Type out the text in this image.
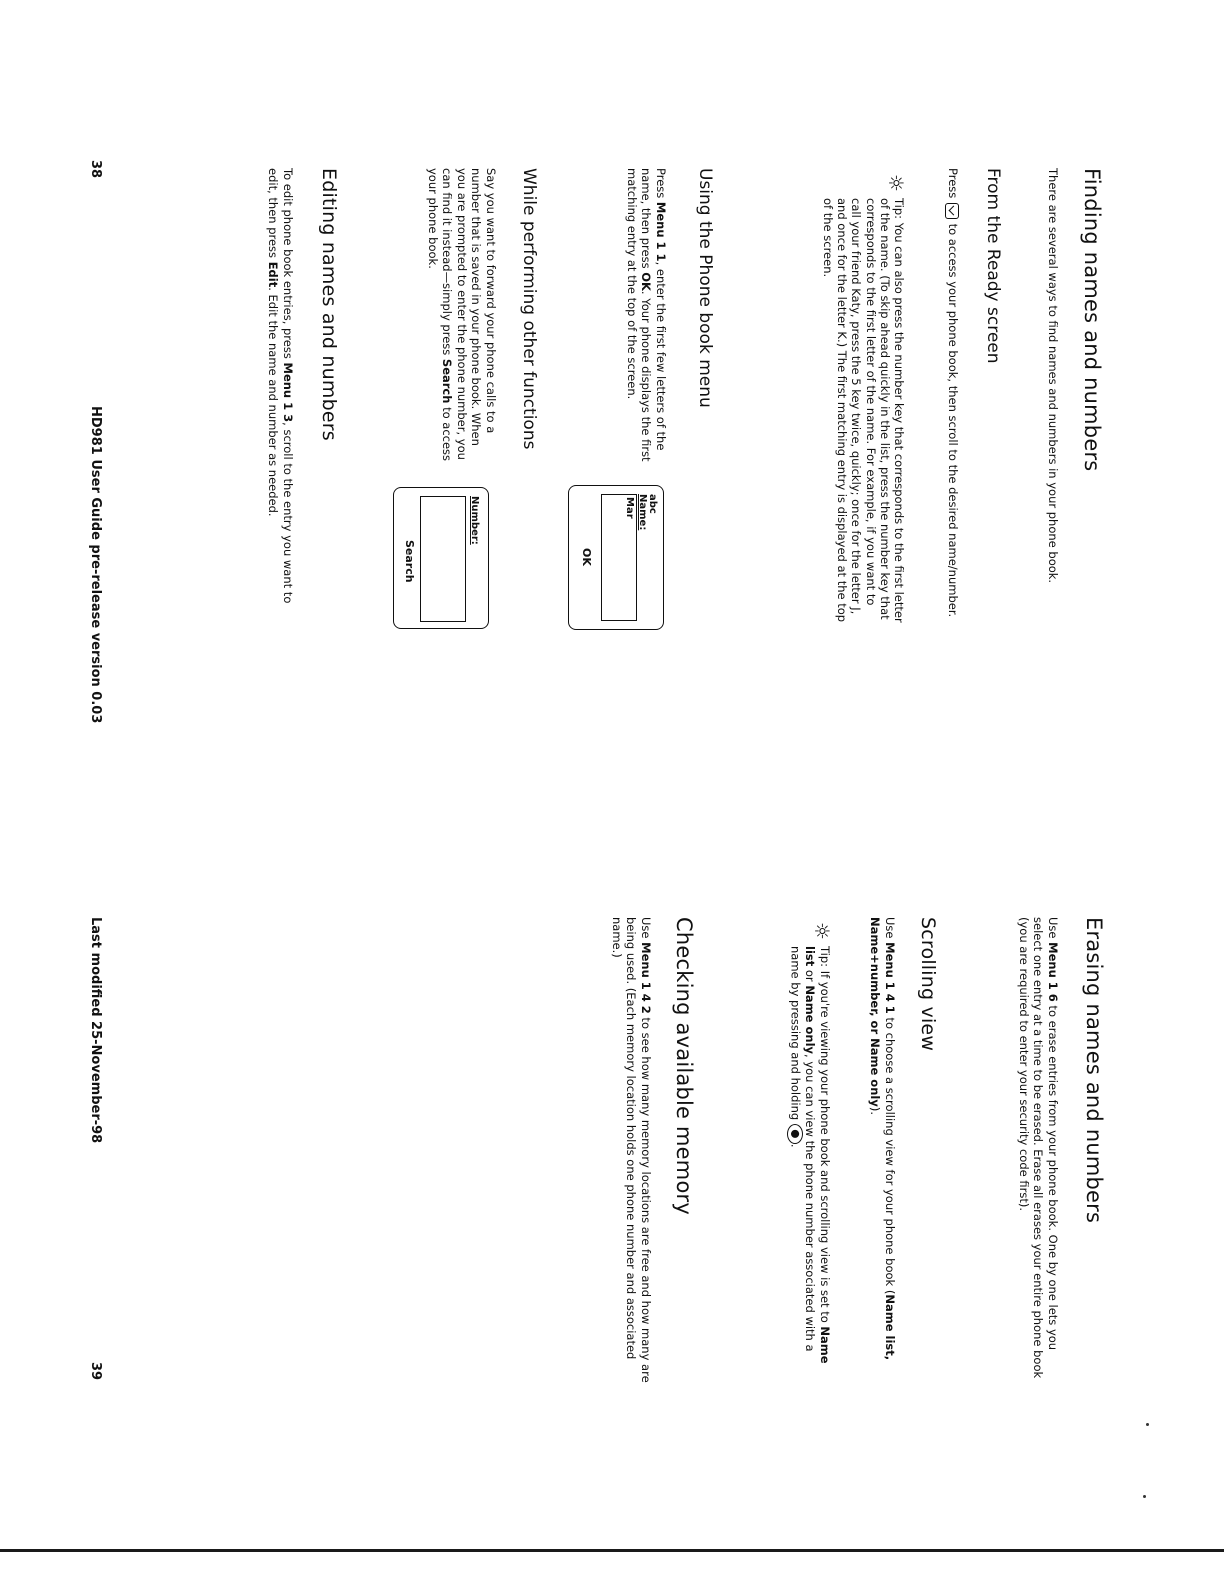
Finding names and numbers

There are several ways to find names and numbers in your phone book.

From the Ready screen

Press  to access your phone book, then scroll to the desired name/number.

☼

Tip: You can also press the number key that corresponds to the first letter of the name. (To skip ahead quickly in the list, press the number key that corresponds to the first letter of the name. For example, if you want to call your friend Katy, press the 5 key twice, quickly; once for the letter J, and once for the letter K.) The first matching entry is displayed at the top of the screen.

Using the Phone book menu

Press Menu 1 1, enter the first few letters of the name, then press OK. Your phone displays the first matching entry at the top of the screen.

abc
Name:
Mar
OK
While performing other functions

Say you want to forward your phone calls to a number that is saved in your phone book. When you are prompted to enter the phone number, you can find it instead—simply press Search to access your phone book.

Number:
Search
Editing names and numbers

To edit phone book entries, press Menu 1 3, scroll to the entry you want to edit, then press Edit. Edit the name and number as needed.

38
HD981 User Guide pre-release version 0.03
Erasing names and numbers

Use Menu 1 6 to erase entries from your phone book. One by one lets you select one entry at a time to be erased. Erase all erases your entire phone book (you are required to enter your security code first).

Scrolling view

Use Menu 1 4 1 to choose a scrolling view for your phone book (Name list, Name+number, or Name only).

☼

Tip: If you're viewing your phone book and scrolling view is set to Name list or Name only, you can view the phone number associated with a name by pressing and holding ⬤.

Checking available memory

Use Menu 1 4 2 to see how many memory locations are free and how many are being used. (Each memory location holds one phone number and associated name.)

Last modified 25-November-98
39
